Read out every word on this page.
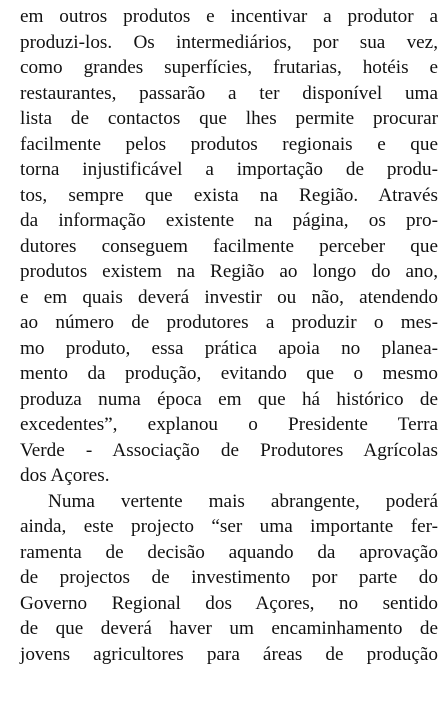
em outros produtos e incentivar a produtor a
produzi-los. Os intermediários, por sua vez,
como grandes superfícies, frutarias, hotéis e
restaurantes, passarão a ter disponível uma
lista de contactos que lhes permite procurar
facilmente pelos produtos regionais e que
torna injustificável a importação de produ-
tos, sempre que exista na Região. Através
da informação existente na página, os pro-
dutores conseguem facilmente perceber que
produtos existem na Região ao longo do ano,
e em quais deverá investir ou não, atendendo
ao número de produtores a produzir o mes-
mo produto, essa prática apoia no planea-
mento da produção, evitando que o mesmo
produza numa época em que há histórico de
excedentes”, explanou o Presidente Terra
Verde - Associação de Produtores Agrícolas
dos Açores.
Numa vertente mais abrangente, poderá
ainda, este projecto “ser uma importante fer-
ramenta de decisão aquando da aprovação
de projectos de investimento por parte do
Governo Regional dos Açores, no sentido
de que deverá haver um encaminhamento de
jovens agricultores para áreas de produção
